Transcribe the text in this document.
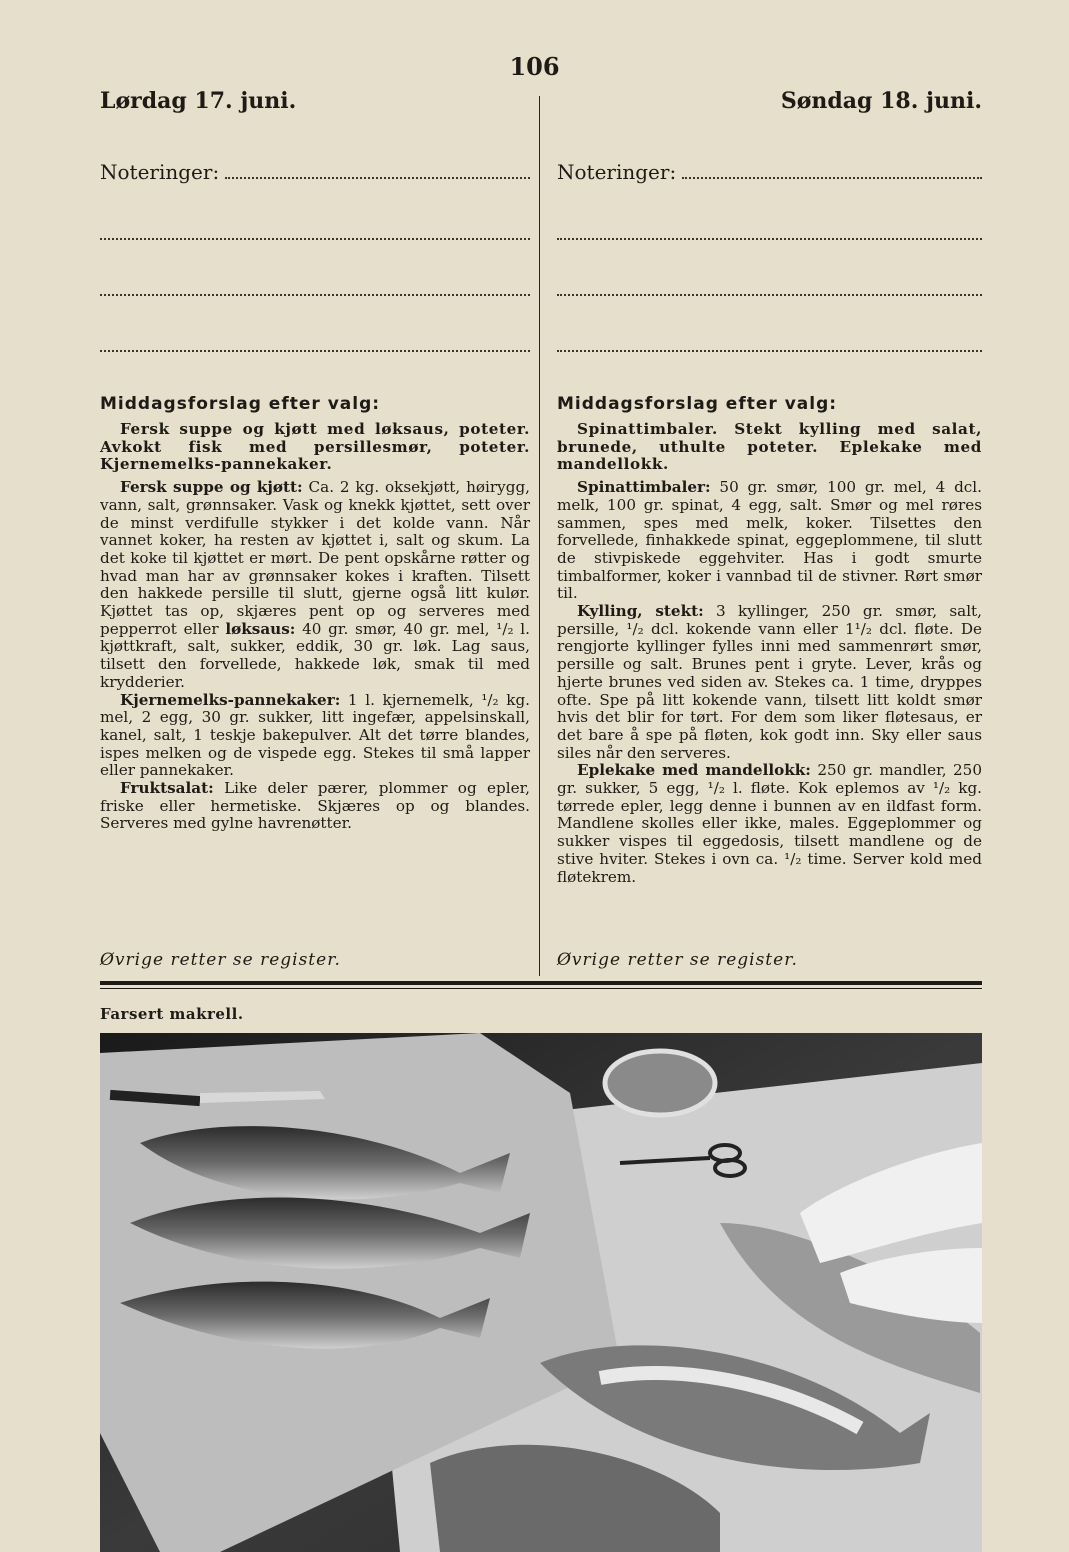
106

Lørdag 17. juni.

Noteringer:
Middagsforslag efter valg:

Fersk suppe og kjøtt med løksaus, poteter. Avkokt fisk med persillesmør, poteter. Kjernemelks-pannekaker.

Fersk suppe og kjøtt: Ca. 2 kg. oksekjøtt, høirygg, vann, salt, grønnsaker. Vask og knekk kjøttet, sett over de minst verdifulle stykker i det kolde vann. Når vannet koker, ha resten av kjøttet i, salt og skum. La det koke til kjøttet er mørt. De pent opskårne røtter og hvad man har av grønnsaker kokes i kraften. Tilsett den hakkede persille til slutt, gjerne også litt kulør. Kjøttet tas op, skjæres pent op og serveres med pepperrot eller løksaus: 40 gr. smør, 40 gr. mel, ¹/₂ l. kjøttkraft, salt, sukker, eddik, 30 gr. løk. Lag saus, tilsett den forvellede, hakkede løk, smak til med krydderier.

Kjernemelks-pannekaker: 1 l. kjernemelk, ¹/₂ kg. mel, 2 egg, 30 gr. sukker, litt ingefær, appelsinskall, kanel, salt, 1 teskje bakepulver. Alt det tørre blandes, ispes melken og de vispede egg. Stekes til små lapper eller pannekaker.

Fruktsalat: Like deler pærer, plommer og epler, friske eller hermetiske. Skjæres op og blandes. Serveres med gylne havrenøtter.

Søndag 18. juni.

Noteringer:
Middagsforslag efter valg:

Spinattimbaler. Stekt kylling med salat, brunede, uthulte poteter. Eplekake med mandellokk.

Spinattimbaler: 50 gr. smør, 100 gr. mel, 4 dcl. melk, 100 gr. spinat, 4 egg, salt. Smør og mel røres sammen, spes med melk, koker. Tilsettes den forvellede, finhakkede spinat, eggeplommene, til slutt de stivpiskede eggehviter. Has i godt smurte timbalformer, koker i vannbad til de stivner. Rørt smør til.

Kylling, stekt: 3 kyllinger, 250 gr. smør, salt, persille, ¹/₂ dcl. kokende vann eller 1¹/₂ dcl. fløte. De rengjorte kyllinger fylles inni med sammenrørt smør, persille og salt. Brunes pent i gryte. Lever, krås og hjerte brunes ved siden av. Stekes ca. 1 time, dryppes ofte. Spe på litt kokende vann, tilsett litt koldt smør hvis det blir for tørt. For dem som liker fløtesaus, er det bare å spe på fløten, kok godt inn. Sky eller saus siles når den serveres.

Eplekake med mandellokk: 250 gr. mandler, 250 gr. sukker, 5 egg, ¹/₂ l. fløte. Kok eplemos av ¹/₂ kg. tørrede epler, legg denne i bunnen av en ildfast form. Mandlene skolles eller ikke, males. Eggeplommer og sukker vispes til eggedosis, tilsett mandlene og de stive hviter. Stekes i ovn ca. ¹/₂ time. Server kold med fløtekrem.

Øvrige retter se register.	Øvrige retter se register.
Farsert makrell.
